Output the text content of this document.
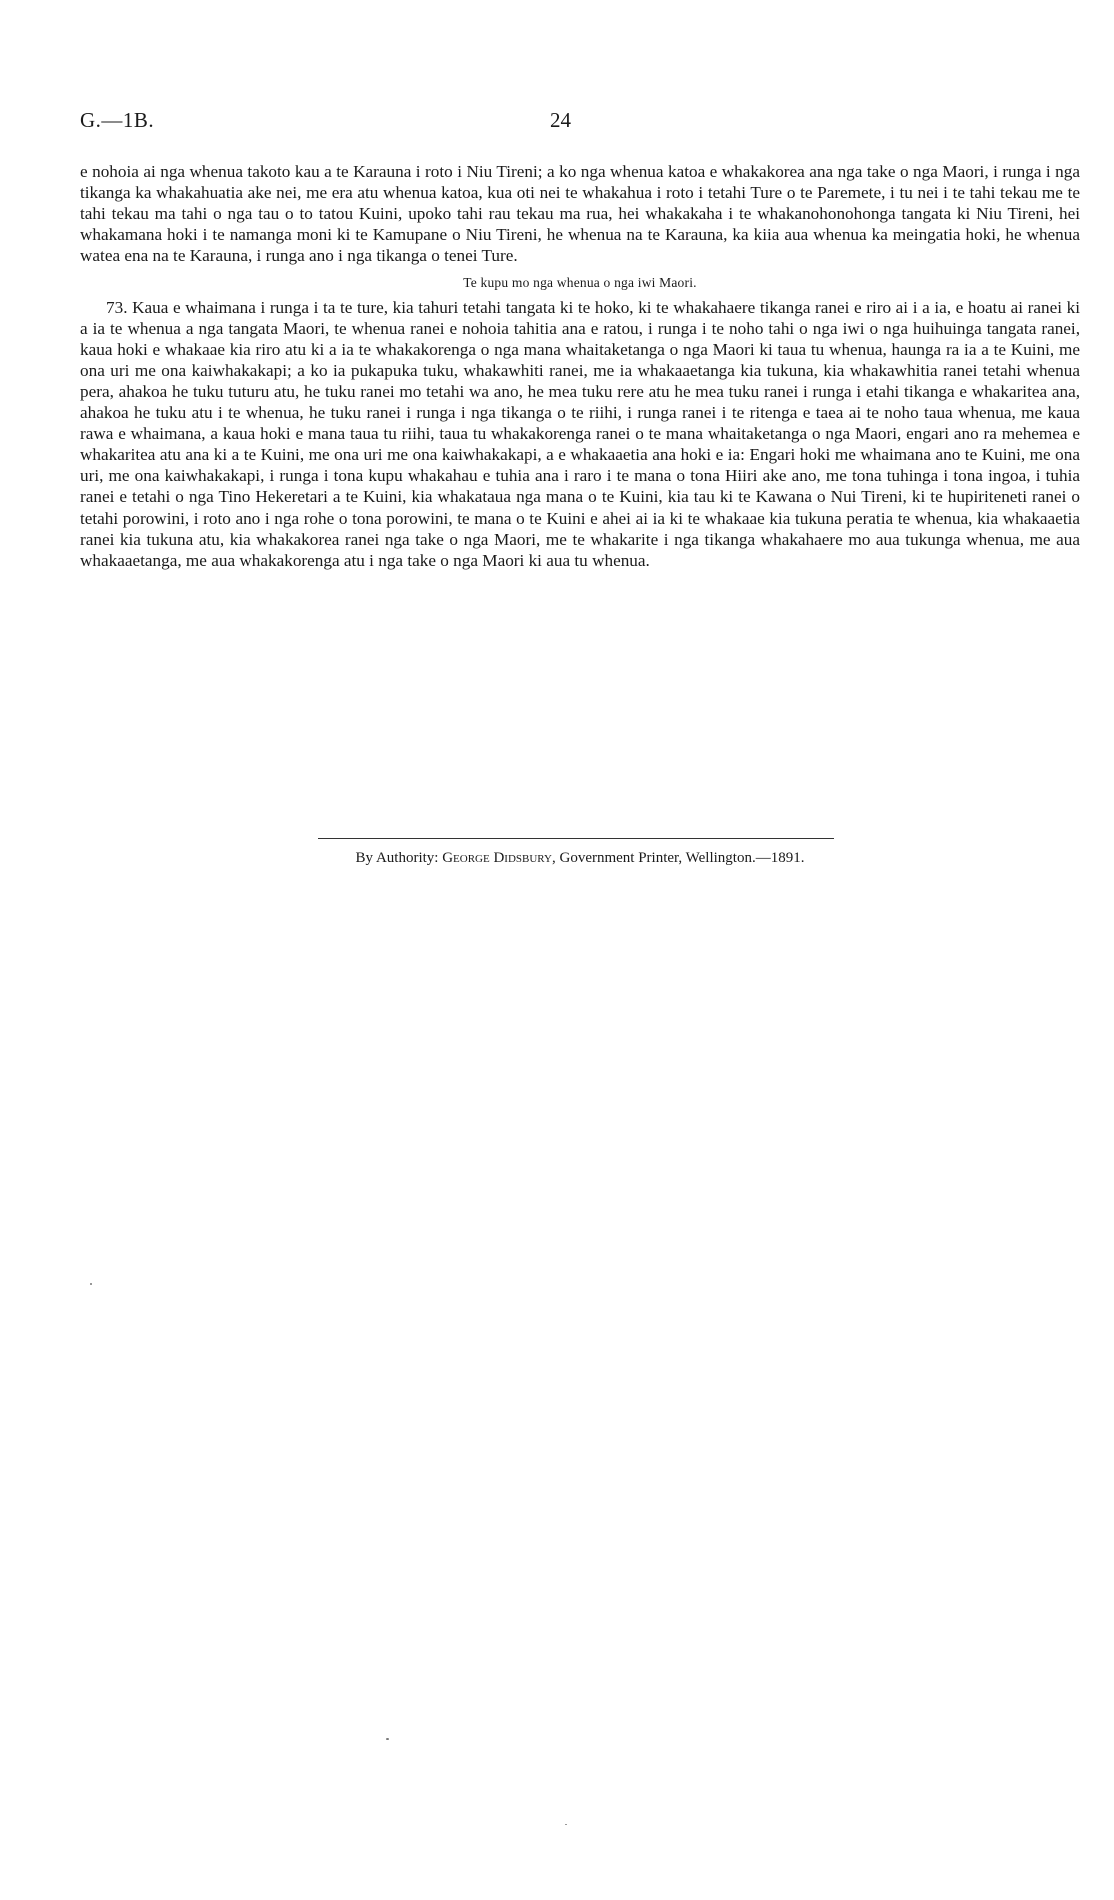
G.—1B.	24

e nohoia ai nga whenua takoto kau a te Karauna i roto i Niu Tireni; a ko nga whenua katoa e whakakorea ana nga take o nga Maori, i runga i nga tikanga ka whakahuatia ake nei, me era atu whenua katoa, kua oti nei te whakahua i roto i tetahi Ture o te Paremete, i tu nei i te tahi tekau me te tahi tekau ma tahi o nga tau o to tatou Kuini, upoko tahi rau tekau ma rua, hei whakakaha i te whakanohonohonga tangata ki Niu Tireni, hei whakamana hoki i te namanga moni ki te Kamupane o Niu Tireni, he whenua na te Karauna, ka kiia aua whenua ka meingatia hoki, he whenua watea ena na te Karauna, i runga ano i nga tikanga o tenei Ture.

Te kupu mo nga whenua o nga iwi Maori.

73. Kaua e whaimana i runga i ta te ture, kia tahuri tetahi tangata ki te hoko, ki te whakahaere tikanga ranei e riro ai i a ia, e hoatu ai ranei ki a ia te whenua a nga tangata Maori, te whenua ranei e nohoia tahitia ana e ratou, i runga i te noho tahi o nga iwi o nga huihuinga tangata ranei, kaua hoki e whakaae kia riro atu ki a ia te whakakorenga o nga mana whaitaketanga o nga Maori ki taua tu whenua, haunga ra ia a te Kuini, me ona uri me ona kaiwhakakapi; a ko ia pukapuka tuku, whakawhiti ranei, me ia whakaaetanga kia tukuna, kia whakawhitia ranei tetahi whenua pera, ahakoa he tuku tuturu atu, he tuku ranei mo tetahi wa ano, he mea tuku rere atu he mea tuku ranei i runga i etahi tikanga e whakaritea ana, ahakoa he tuku atu i te whenua, he tuku ranei i runga i nga tikanga o te riihi, i runga ranei i te ritenga e taea ai te noho taua whenua, me kaua rawa e whaimana, a kaua hoki e mana taua tu riihi, taua tu whakakorenga ranei o te mana whaitaketanga o nga Maori, engari ano ra mehemea e whakaritea atu ana ki a te Kuini, me ona uri me ona kaiwhakakapi, a e whakaaetia ana hoki e ia: Engari hoki me whaimana ano te Kuini, me ona uri, me ona kaiwhakakapi, i runga i tona kupu whakahau e tuhia ana i raro i te mana o tona Hiiri ake ano, me tona tuhinga i tona ingoa, i tuhia ranei e tetahi o nga Tino Hekeretari a te Kuini, kia whakataua nga mana o te Kuini, kia tau ki te Kawana o Nui Tireni, ki te hupiriteneti ranei o tetahi porowini, i roto ano i nga rohe o tona porowini, te mana o te Kuini e ahei ai ia ki te whakaae kia tukuna peratia te whenua, kia whakaaetia ranei kia tukuna atu, kia whakakorea ranei nga take o nga Maori, me te whakarite i nga tikanga whakahaere mo aua tukunga whenua, me aua whakaaetanga, me aua whakakorenga atu i nga take o nga Maori ki aua tu whenua.

By Authority: George Didsbury, Government Printer, Wellington.—1891.
